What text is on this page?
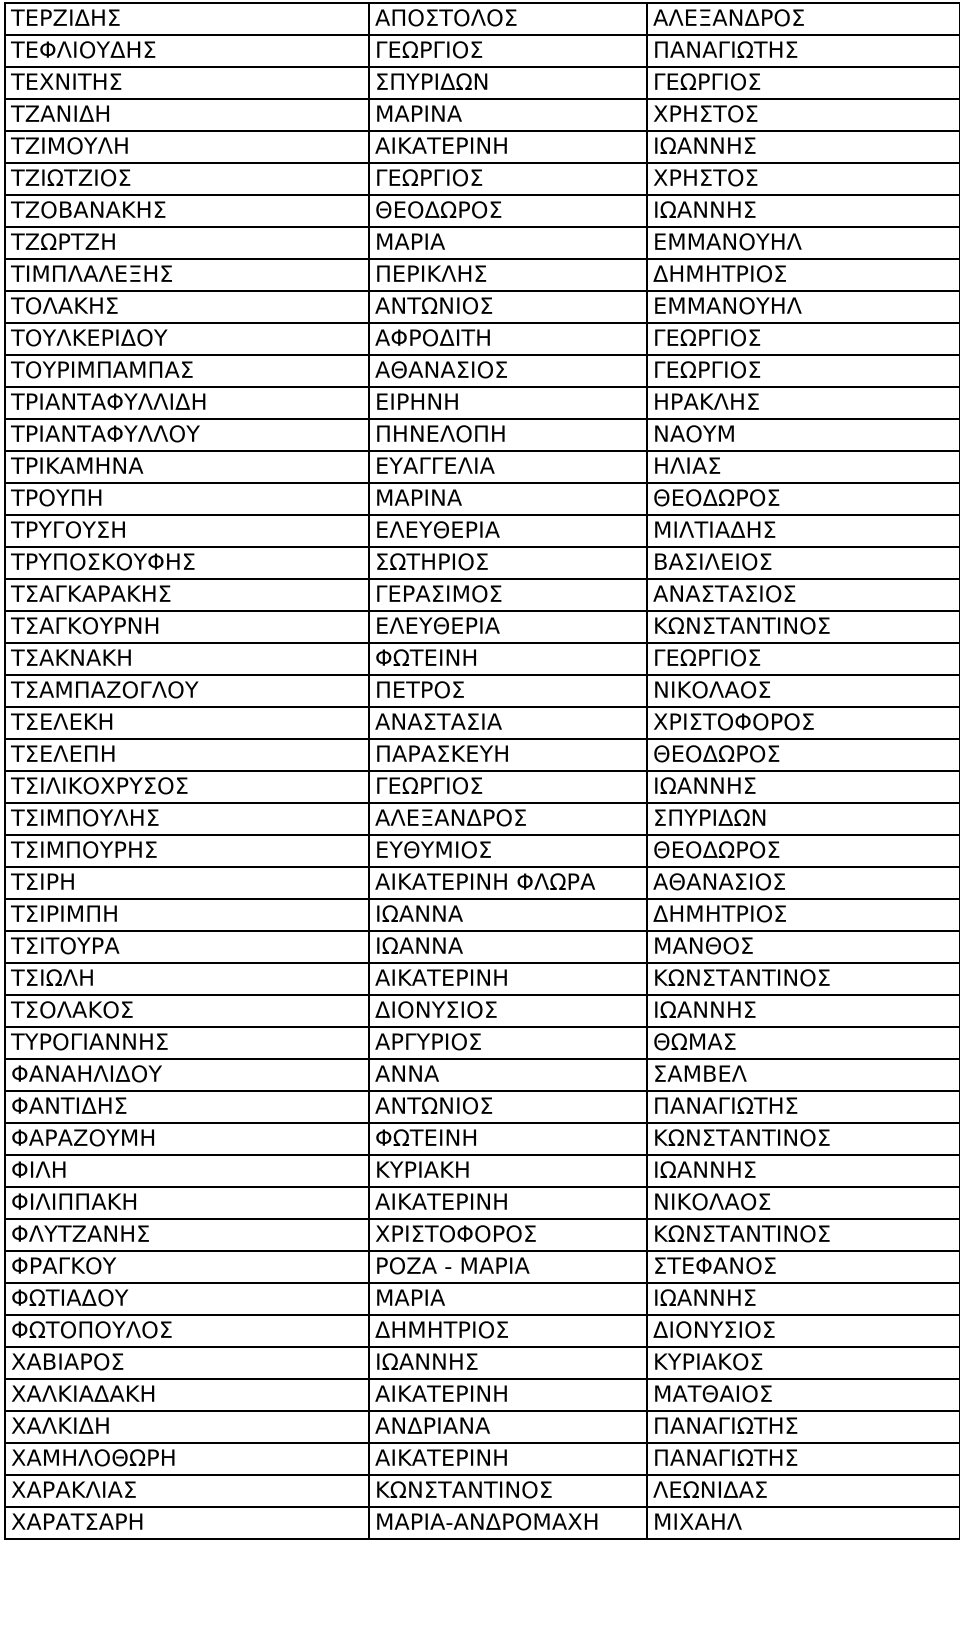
ΤΕΡΖΙΔΗΣ	ΑΠΟΣΤΟΛΟΣ	ΑΛΕΞΑΝΔΡΟΣ
ΤΕΦΛΙΟΥΔΗΣ	ΓΕΩΡΓΙΟΣ	ΠΑΝΑΓΙΩΤΗΣ
ΤΕΧΝΙΤΗΣ	ΣΠΥΡΙΔΩΝ	ΓΕΩΡΓΙΟΣ
ΤΖΑΝΙΔΗ	ΜΑΡΙΝΑ	ΧΡΗΣΤΟΣ
ΤΖΙΜΟΥΛΗ	ΑΙΚΑΤΕΡΙΝΗ	ΙΩΑΝΝΗΣ
ΤΖΙΩΤΖΙΟΣ	ΓΕΩΡΓΙΟΣ	ΧΡΗΣΤΟΣ
ΤΖΟΒΑΝΑΚΗΣ	ΘΕΟΔΩΡΟΣ	ΙΩΑΝΝΗΣ
ΤΖΩΡΤΖΗ	ΜΑΡΙΑ	ΕΜΜΑΝΟΥΗΛ
ΤΙΜΠΛΑΛΕΞΗΣ	ΠΕΡΙΚΛΗΣ	ΔΗΜΗΤΡΙΟΣ
ΤΟΛΑΚΗΣ	ΑΝΤΩΝΙΟΣ	ΕΜΜΑΝΟΥΗΛ
ΤΟΥΛΚΕΡΙΔΟΥ	ΑΦΡΟΔΙΤΗ	ΓΕΩΡΓΙΟΣ
ΤΟΥΡΙΜΠΑΜΠΑΣ	ΑΘΑΝΑΣΙΟΣ	ΓΕΩΡΓΙΟΣ
ΤΡΙΑΝΤΑΦΥΛΛΙΔΗ	ΕΙΡΗΝΗ	ΗΡΑΚΛΗΣ
ΤΡΙΑΝΤΑΦΥΛΛΟΥ	ΠΗΝΕΛΟΠΗ	ΝΑΟΥΜ
ΤΡΙΚΑΜΗΝΑ	ΕΥΑΓΓΕΛΙΑ	ΗΛΙΑΣ
ΤΡΟΥΠΗ	ΜΑΡΙΝΑ	ΘΕΟΔΩΡΟΣ
ΤΡΥΓΟΥΣΗ	ΕΛΕΥΘΕΡΙΑ	ΜΙΛΤΙΑΔΗΣ
ΤΡΥΠΟΣΚΟΥΦΗΣ	ΣΩΤΗΡΙΟΣ	ΒΑΣΙΛΕΙΟΣ
ΤΣΑΓΚΑΡΑΚΗΣ	ΓΕΡΑΣΙΜΟΣ	ΑΝΑΣΤΑΣΙΟΣ
ΤΣΑΓΚΟΥΡΝΗ	ΕΛΕΥΘΕΡΙΑ	ΚΩΝΣΤΑΝΤΙΝΟΣ
ΤΣΑΚΝΑΚΗ	ΦΩΤΕΙΝΗ	ΓΕΩΡΓΙΟΣ
ΤΣΑΜΠΑΖΟΓΛΟΥ	ΠΕΤΡΟΣ	ΝΙΚΟΛΑΟΣ
ΤΣΕΛΕΚΗ	ΑΝΑΣΤΑΣΙΑ	ΧΡΙΣΤΟΦΟΡΟΣ
ΤΣΕΛΕΠΗ	ΠΑΡΑΣΚΕΥΗ	ΘΕΟΔΩΡΟΣ
ΤΣΙΛΙΚΟΧΡΥΣΟΣ	ΓΕΩΡΓΙΟΣ	ΙΩΑΝΝΗΣ
ΤΣΙΜΠΟΥΛΗΣ	ΑΛΕΞΑΝΔΡΟΣ	ΣΠΥΡΙΔΩΝ
ΤΣΙΜΠΟΥΡΗΣ	ΕΥΘΥΜΙΟΣ	ΘΕΟΔΩΡΟΣ
ΤΣΙΡΗ	ΑΙΚΑΤΕΡΙΝΗ ΦΛΩΡΑ	ΑΘΑΝΑΣΙΟΣ
ΤΣΙΡΙΜΠΗ	ΙΩΑΝΝΑ	ΔΗΜΗΤΡΙΟΣ
ΤΣΙΤΟΥΡΑ	ΙΩΑΝΝΑ	ΜΑΝΘΟΣ
ΤΣΙΩΛΗ	ΑΙΚΑΤΕΡΙΝΗ	ΚΩΝΣΤΑΝΤΙΝΟΣ
ΤΣΟΛΑΚΟΣ	ΔΙΟΝΥΣΙΟΣ	ΙΩΑΝΝΗΣ
ΤΥΡΟΓΙΑΝΝΗΣ	ΑΡΓΥΡΙΟΣ	ΘΩΜΑΣ
ΦΑΝΑΗΛΙΔΟΥ	ΑΝΝΑ	ΣΑΜΒΕΛ
ΦΑΝΤΙΔΗΣ	ΑΝΤΩΝΙΟΣ	ΠΑΝΑΓΙΩΤΗΣ
ΦΑΡΑΖΟΥΜΗ	ΦΩΤΕΙΝΗ	ΚΩΝΣΤΑΝΤΙΝΟΣ
ΦΙΛΗ	ΚΥΡΙΑΚΗ	ΙΩΑΝΝΗΣ
ΦΙΛΙΠΠΑΚΗ	ΑΙΚΑΤΕΡΙΝΗ	ΝΙΚΟΛΑΟΣ
ΦΛΥΤΖΑΝΗΣ	ΧΡΙΣΤΟΦΟΡΟΣ	ΚΩΝΣΤΑΝΤΙΝΟΣ
ΦΡΑΓΚΟΥ	ΡΟΖΑ - ΜΑΡΙΑ	ΣΤΕΦΑΝΟΣ
ΦΩΤΙΑΔΟΥ	ΜΑΡΙΑ	ΙΩΑΝΝΗΣ
ΦΩΤΟΠΟΥΛΟΣ	ΔΗΜΗΤΡΙΟΣ	ΔΙΟΝΥΣΙΟΣ
ΧΑΒΙΑΡΟΣ	ΙΩΑΝΝΗΣ	ΚΥΡΙΑΚΟΣ
ΧΑΛΚΙΑΔΑΚΗ	ΑΙΚΑΤΕΡΙΝΗ	ΜΑΤΘΑΙΟΣ
ΧΑΛΚΙΔΗ	ΑΝΔΡΙΑΝΑ	ΠΑΝΑΓΙΩΤΗΣ
ΧΑΜΗΛΟΘΩΡΗ	ΑΙΚΑΤΕΡΙΝΗ	ΠΑΝΑΓΙΩΤΗΣ
ΧΑΡΑΚΛΙΑΣ	ΚΩΝΣΤΑΝΤΙΝΟΣ	ΛΕΩΝΙΔΑΣ
ΧΑΡΑΤΣΑΡΗ	ΜΑΡΙΑ-ΑΝΔΡΟΜΑΧΗ	ΜΙΧΑΗΛ
